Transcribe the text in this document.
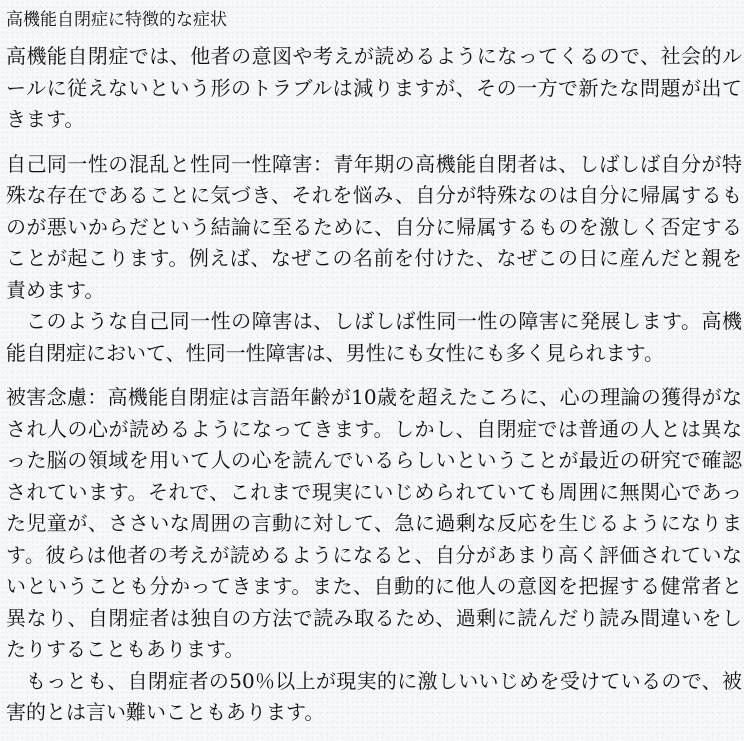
高機能自閉症に特徴的な症状

高機能自閉症では、他者の意図や考えが読めるようになってくるので、社会的ルールに従えないという形のトラブルは減りますが、その一方で新たな問題が出てきます。

自己同一性の混乱と性同一性障害：青年期の高機能自閉者は、しばしば自分が特殊な存在であることに気づき、それを悩み、自分が特殊なのは自分に帰属するものが悪いからだという結論に至るために、自分に帰属するものを激しく否定することが起こります。例えば、なぜこの名前を付けた、なぜこの日に産んだと親を責めます。

このような自己同一性の障害は、しばしば性同一性の障害に発展します。高機能自閉症において、性同一性障害は、男性にも女性にも多く見られます。

被害念慮：高機能自閉症は言語年齢が10歳を超えたころに、心の理論の獲得がなされ人の心が読めるようになってきます。しかし、自閉症では普通の人とは異なった脳の領域を用いて人の心を読んでいるらしいということが最近の研究で確認されています。それで、これまで現実にいじめられていても周囲に無関心であった児童が、ささいな周囲の言動に対して、急に過剰な反応を生じるようになります。彼らは他者の考えが読めるようになると、自分があまり高く評価されていないということも分かってきます。また、自動的に他人の意図を把握する健常者と異なり、自閉症者は独自の方法で読み取るため、過剰に読んだり読み間違いをしたりすることもあります。

もっとも、自閉症者の50％以上が現実的に激しいいじめを受けているので、被害的とは言い難いこともあります。
